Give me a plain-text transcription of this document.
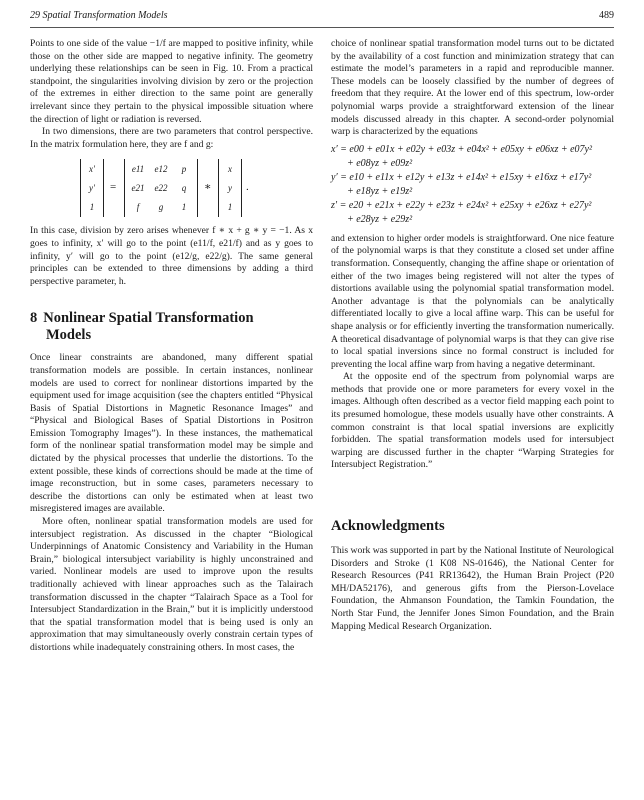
29 Spatial Transformation Models	489

Points to one side of the value −1/f are mapped to positive infinity, while those on the other side are mapped to negative infinity. The geometry underlying these relationships can be seen in Fig. 10. From a practical standpoint, the singularities involving division by zero or the projection of the extremes in either direction to the same point are generally irrelevant since they pertain to the physical impossible situation where the direction of light or radiation is reversed.

In two dimensions, there are two parameters that control perspective. In the matrix formulation here, they are f and g:

x′
y′
1
=
e11	e12	p
e21	e22	q
f	g	1
∗
x
y
1
.

In this case, division by zero arises whenever f ∗ x + g ∗ y = −1. As x goes to infinity, x′ will go to the point (e11/f, e21/f) and as y goes to infinity, y′ will go to the point (e12/g, e22/g). The same general principles can be extended to three dimensions by adding a third perspective parameter, h.

8 Nonlinear Spatial Transformation
Models

Once linear constraints are abandoned, many different spatial transformation models are possible. In certain instances, nonlinear models are used to correct for nonlinear distortions imparted by the equipment used for image acquisition (see the chapters entitled “Physical Basis of Spatial Distortions in Magnetic Resonance Images” and “Physical and Biological Bases of Spatial Distortions in Positron Emission Tomography Images”). In these instances, the mathematical form of the nonlinear spatial transformation model may be simple and dictated by the physical processes that underlie the distortions. To the extent possible, these kinds of corrections should be made at the time of image reconstruction, but in some cases, parameters necessary to describe the distortions can only be estimated when at least two misregistered images are available.

More often, nonlinear spatial transformation models are used for intersubject registration. As discussed in the chapter “Biological Underpinnings of Anatomic Consistency and Variability in the Human Brain,” biological intersubject variability is highly unconstrained and varied. Nonlinear models are used to improve upon the results traditionally achieved with linear approaches such as the Talairach transformation discussed in the chapter “Talairach Space as a Tool for Intersubject Standardization in the Brain,” but it is implicitly understood that the spatial transformation model that is being used is only an approximation that may simultaneously overly constrain certain types of distortions while inadequately constraining others. In most cases, the

choice of nonlinear spatial transformation model turns out to be dictated by the availability of a cost function and minimization strategy that can estimate the model’s parameters in a rapid and reproducible manner. These models can be loosely classified by the number of degrees of freedom that they require. At the lower end of this spectrum, low-order polynomial warps provide a straightforward extension of the linear models discussed already in this chapter. A second-order polynomial warp is characterized by the equations

x′ = e00 + e01x + e02y + e03z + e04x² + e05xy + e06xz + e07y²
+ e08yz + e09z²
y′ = e10 + e11x + e12y + e13z + e14x² + e15xy + e16xz + e17y²
+ e18yz + e19z²
z′ = e20 + e21x + e22y + e23z + e24x² + e25xy + e26xz + e27y²
+ e28yz + e29z²

and extension to higher order models is straightforward. One nice feature of the polynomial warps is that they constitute a closed set under affine transformation. Consequently, changing the affine shape or orientation of either of the two images being registered will not alter the types of distortions available using the polynomial spatial transformation model. Another advantage is that the polynomials can be analytically differentiated locally to give a local affine warp. This can be useful for shape analysis or for efficiently inverting the transformation numerically. A theoretical disadvantage of polynomial warps is that they can give rise to local spatial inversions since no formal construct is included for preventing the local affine warp from having a negative determinant.

At the opposite end of the spectrum from polynomial warps are methods that provide one or more parameters for every voxel in the images. Although often described as a vector field mapping each point to its presumed homologue, these models usually have other constraints. A common constraint is that local spatial inversions are explicitly forbidden. The spatial transformation models used for intersubject warping are discussed further in the chapter “Warping Strategies for Intersubject Registration.”

Acknowledgments

This work was supported in part by the National Institute of Neurological Disorders and Stroke (1 K08 NS-01646), the National Center for Research Resources (P41 RR13642), the Human Brain Project (P20 MH/DA52176), and generous gifts from the Pierson-Lovelace Foundation, the Ahmanson Foundation, the Tamkin Foundation, the North Star Fund, the Jennifer Jones Simon Foundation, and the Brain Mapping Medical Research Organization.
